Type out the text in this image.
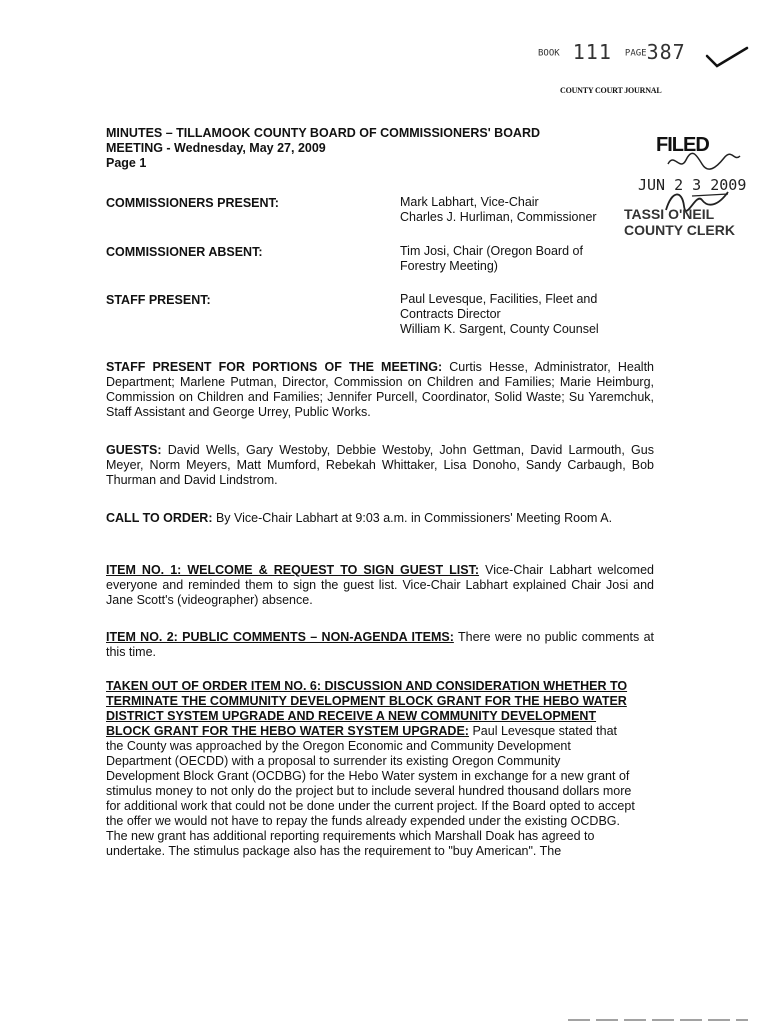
BOOK 111 PAGE387
COUNTY COURT JOURNAL
MINUTES – TILLAMOOK COUNTY BOARD OF COMMISSIONERS' BOARD
MEETING - Wednesday, May 27, 2009
Page 1
FILED
JUN 2 3 2009
TASSI O'NEIL
COUNTY CLERK
COMMISSIONERS PRESENT:	Mark Labhart, Vice-Chair
Charles J. Hurliman, Commissioner
COMMISSIONER ABSENT:	Tim Josi, Chair (Oregon Board of
Forestry Meeting)
STAFF PRESENT:	Paul Levesque, Facilities, Fleet and
Contracts Director
William K. Sargent, County Counsel
STAFF PRESENT FOR PORTIONS OF THE MEETING: Curtis Hesse, Administrator, Health Department; Marlene Putman, Director, Commission on Children and Families; Marie Heimburg, Commission on Children and Families; Jennifer Purcell, Coordinator, Solid Waste; Su Yaremchuk, Staff Assistant and George Urrey, Public Works.
GUESTS: David Wells, Gary Westoby, Debbie Westoby, John Gettman, David Larmouth, Gus Meyer, Norm Meyers, Matt Mumford, Rebekah Whittaker, Lisa Donoho, Sandy Carbaugh, Bob Thurman and David Lindstrom.
CALL TO ORDER: By Vice-Chair Labhart at 9:03 a.m. in Commissioners' Meeting Room A.
ITEM NO. 1: WELCOME & REQUEST TO SIGN GUEST LIST: Vice-Chair Labhart welcomed everyone and reminded them to sign the guest list. Vice-Chair Labhart explained Chair Josi and Jane Scott's (videographer) absence.
ITEM NO. 2: PUBLIC COMMENTS – NON-AGENDA ITEMS: There were no public comments at this time.
TAKEN OUT OF ORDER ITEM NO. 6: DISCUSSION AND CONSIDERATION WHETHER TO TERMINATE THE COMMUNITY DEVELOPMENT BLOCK GRANT FOR THE HEBO WATER DISTRICT SYSTEM UPGRADE AND RECEIVE A NEW COMMUNITY DEVELOPMENT BLOCK GRANT FOR THE HEBO WATER SYSTEM UPGRADE: Paul Levesque stated that the County was approached by the Oregon Economic and Community Development Department (OECDD) with a proposal to surrender its existing Oregon Community Development Block Grant (OCDBG) for the Hebo Water system in exchange for a new grant of stimulus money to not only do the project but to include several hundred thousand dollars more for additional work that could not be done under the current project. If the Board opted to accept the offer we would not have to repay the funds already expended under the existing OCDBG. The new grant has additional reporting requirements which Marshall Doak has agreed to undertake. The stimulus package also has the requirement to "buy American". The
